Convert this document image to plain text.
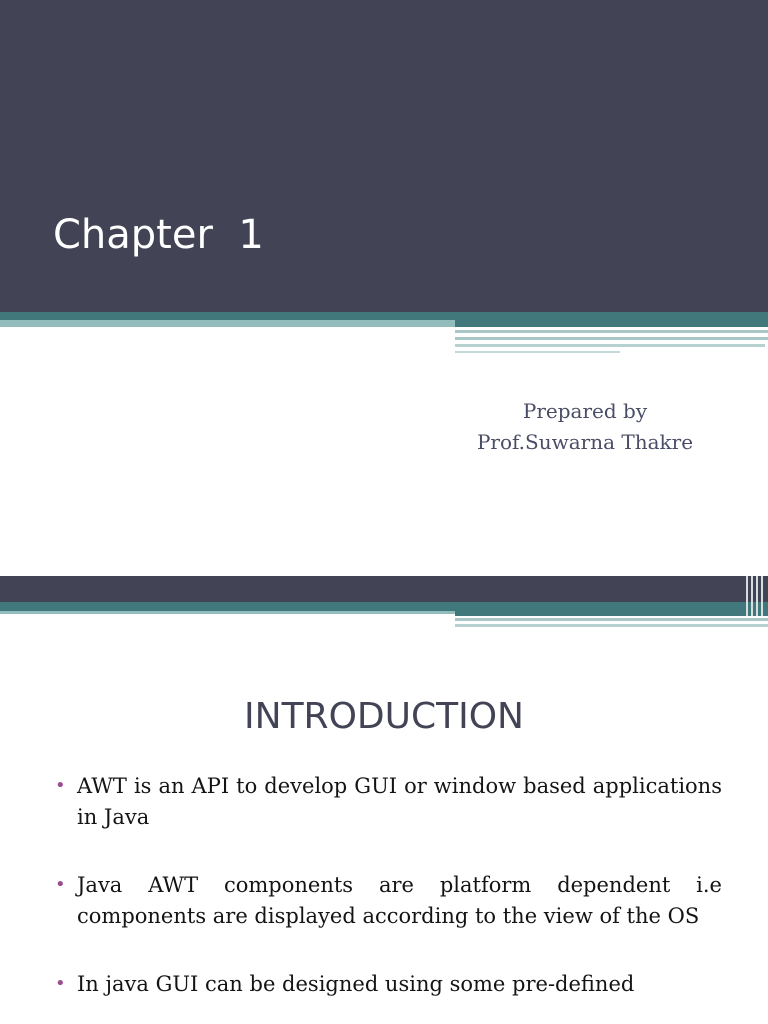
Chapter  1

Abstract Window Toolkit

Prepared by
Prof.Suwarna Thakre
INTRODUCTION
• AWT is an API to develop GUI or window based applications in Java
• Java AWT components are platform dependent i.e components are displayed according to the view of the OS
• In java GUI can be designed using some pre-defined
